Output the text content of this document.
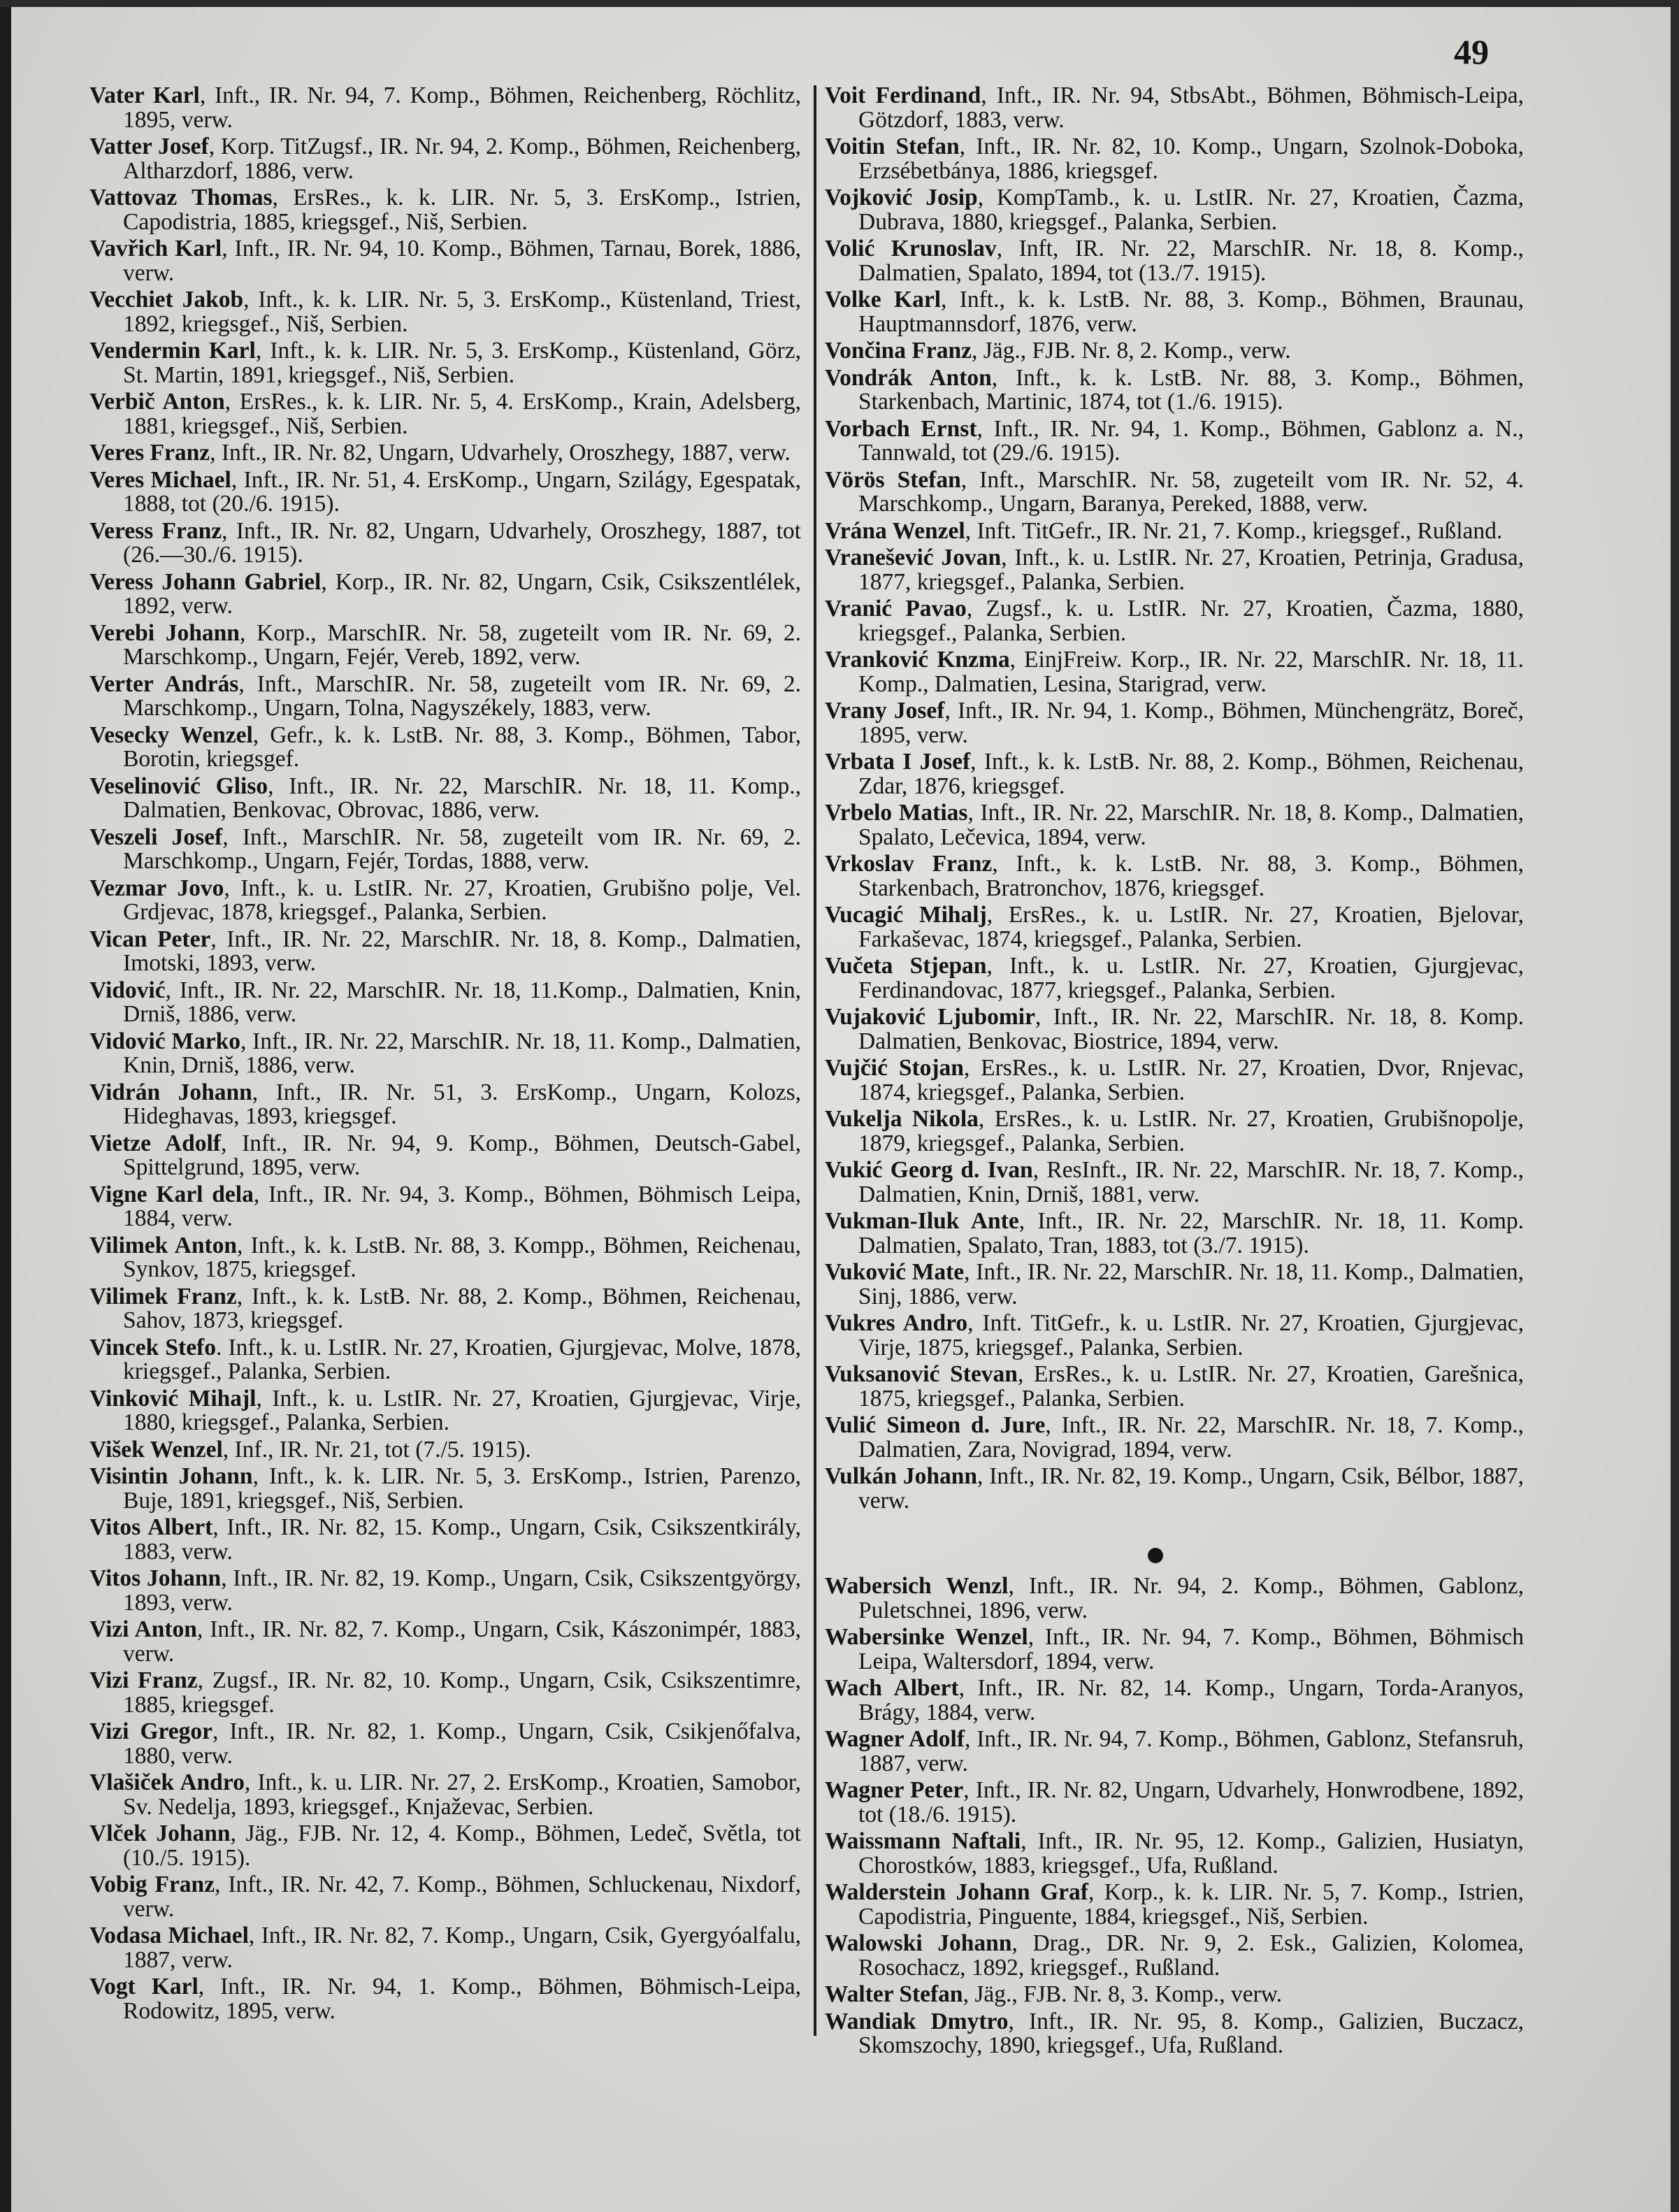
49

Vater Karl, Inft., IR. Nr. 94, 7. Komp., Böhmen, Reichenberg, Röchlitz, 1895, verw.

Vatter Josef, Korp. TitZugsf., IR. Nr. 94, 2. Komp., Böhmen, Reichenberg, Altharzdorf, 1886, verw.

Vattovaz Thomas, ErsRes., k. k. LIR. Nr. 5, 3. ErsKomp., Istrien, Capodistria, 1885, kriegsgef., Niš, Serbien.

Vavřich Karl, Inft., IR. Nr. 94, 10. Komp., Böhmen, Tarnau, Borek, 1886, verw.

Vecchiet Jakob, Inft., k. k. LIR. Nr. 5, 3. ErsKomp., Küstenland, Triest, 1892, kriegsgef., Niš, Serbien.

Vendermin Karl, Inft., k. k. LIR. Nr. 5, 3. ErsKomp., Küstenland, Görz, St. Martin, 1891, kriegsgef., Niš, Serbien.

Verbič Anton, ErsRes., k. k. LIR. Nr. 5, 4. ErsKomp., Krain, Adelsberg, 1881, kriegsgef., Niš, Serbien.

Veres Franz, Inft., IR. Nr. 82, Ungarn, Udvarhely, Oroszhegy, 1887, verw.

Veres Michael, Inft., IR. Nr. 51, 4. ErsKomp., Ungarn, Szilágy, Egespatak, 1888, tot (20./6. 1915).

Veress Franz, Inft., IR. Nr. 82, Ungarn, Udvarhely, Oroszhegy, 1887, tot (26.—30./6. 1915).

Veress Johann Gabriel, Korp., IR. Nr. 82, Ungarn, Csik, Csikszentlélek, 1892, verw.

Verebi Johann, Korp., MarschIR. Nr. 58, zugeteilt vom IR. Nr. 69, 2. Marschkomp., Ungarn, Fejér, Vereb, 1892, verw.

Verter András, Inft., MarschIR. Nr. 58, zugeteilt vom IR. Nr. 69, 2. Marschkomp., Ungarn, Tolna, Nagyszékely, 1883, verw.

Vesecky Wenzel, Gefr., k. k. LstB. Nr. 88, 3. Komp., Böhmen, Tabor, Borotin, kriegsgef.

Veselinović Gliso, Inft., IR. Nr. 22, MarschIR. Nr. 18, 11. Komp., Dalmatien, Benkovac, Obrovac, 1886, verw.

Veszeli Josef, Inft., MarschIR. Nr. 58, zugeteilt vom IR. Nr. 69, 2. Marschkomp., Ungarn, Fejér, Tordas, 1888, verw.

Vezmar Jovo, Inft., k. u. LstIR. Nr. 27, Kroatien, Grubišno polje, Vel. Grdjevac, 1878, kriegsgef., Palanka, Serbien.

Vican Peter, Inft., IR. Nr. 22, MarschIR. Nr. 18, 8. Komp., Dalmatien, Imotski, 1893, verw.

Vidović, Inft., IR. Nr. 22, MarschIR. Nr. 18, 11.Komp., Dalmatien, Knin, Drniš, 1886, verw.

Vidović Marko, Inft., IR. Nr. 22, MarschIR. Nr. 18, 11. Komp., Dalmatien, Knin, Drniš, 1886, verw.

Vidrán Johann, Inft., IR. Nr. 51, 3. ErsKomp., Ungarn, Kolozs, Hideghavas, 1893, kriegsgef.

Vietze Adolf, Inft., IR. Nr. 94, 9. Komp., Böhmen, Deutsch-Gabel, Spittelgrund, 1895, verw.

Vigne Karl dela, Inft., IR. Nr. 94, 3. Komp., Böhmen, Böhmisch Leipa, 1884, verw.

Vilimek Anton, Inft., k. k. LstB. Nr. 88, 3. Kompp., Böhmen, Reichenau, Synkov, 1875, kriegsgef.

Vilimek Franz, Inft., k. k. LstB. Nr. 88, 2. Komp., Böhmen, Reichenau, Sahov, 1873, kriegsgef.

Vincek Stefo. Inft., k. u. LstIR. Nr. 27, Kroatien, Gjurgjevac, Molve, 1878, kriegsgef., Palanka, Serbien.

Vinković Mihajl, Inft., k. u. LstIR. Nr. 27, Kroatien, Gjurgjevac, Virje, 1880, kriegsgef., Palanka, Serbien.

Višek Wenzel, Inf., IR. Nr. 21, tot (7./5. 1915).

Visintin Johann, Inft., k. k. LIR. Nr. 5, 3. ErsKomp., Istrien, Parenzo, Buje, 1891, kriegsgef., Niš, Serbien.

Vitos Albert, Inft., IR. Nr. 82, 15. Komp., Ungarn, Csik, Csikszentkirály, 1883, verw.

Vitos Johann, Inft., IR. Nr. 82, 19. Komp., Ungarn, Csik, Csikszentgyörgy, 1893, verw.

Vizi Anton, Inft., IR. Nr. 82, 7. Komp., Ungarn, Csik, Kászonimpér, 1883, verw.

Vizi Franz, Zugsf., IR. Nr. 82, 10. Komp., Ungarn, Csik, Csikszentimre, 1885, kriegsgef.

Vizi Gregor, Inft., IR. Nr. 82, 1. Komp., Ungarn, Csik, Csikjenőfalva, 1880, verw.

Vlašiček Andro, Inft., k. u. LIR. Nr. 27, 2. ErsKomp., Kroatien, Samobor, Sv. Nedelja, 1893, kriegsgef., Knjaževac, Serbien.

Vlček Johann, Jäg., FJB. Nr. 12, 4. Komp., Böhmen, Ledeč, Světla, tot (10./5. 1915).

Vobig Franz, Inft., IR. Nr. 42, 7. Komp., Böhmen, Schluckenau, Nixdorf, verw.

Vodasa Michael, Inft., IR. Nr. 82, 7. Komp., Ungarn, Csik, Gyergyóalfalu, 1887, verw.

Vogt Karl, Inft., IR. Nr. 94, 1. Komp., Böhmen, Böhmisch-Leipa, Rodowitz, 1895, verw.

Voit Ferdinand, Inft., IR. Nr. 94, StbsAbt., Böhmen, Böhmisch-Leipa, Götzdorf, 1883, verw.

Voitin Stefan, Inft., IR. Nr. 82, 10. Komp., Ungarn, Szolnok-Doboka, Erzsébetbánya, 1886, kriegsgef.

Vojković Josip, KompTamb., k. u. LstIR. Nr. 27, Kroatien, Čazma, Dubrava, 1880, kriegsgef., Palanka, Serbien.

Volić Krunoslav, Inft, IR. Nr. 22, MarschIR. Nr. 18, 8. Komp., Dalmatien, Spalato, 1894, tot (13./7. 1915).

Volke Karl, Inft., k. k. LstB. Nr. 88, 3. Komp., Böhmen, Braunau, Hauptmannsdorf, 1876, verw.

Vončina Franz, Jäg., FJB. Nr. 8, 2. Komp., verw.

Vondrák Anton, Inft., k. k. LstB. Nr. 88, 3. Komp., Böhmen, Starkenbach, Martinic, 1874, tot (1./6. 1915).

Vorbach Ernst, Inft., IR. Nr. 94, 1. Komp., Böhmen, Gablonz a. N., Tannwald, tot (29./6. 1915).

Vörös Stefan, Inft., MarschIR. Nr. 58, zugeteilt vom IR. Nr. 52, 4. Marschkomp., Ungarn, Baranya, Pereked, 1888, verw.

Vrána Wenzel, Inft. TitGefr., IR. Nr. 21, 7. Komp., kriegsgef., Rußland.

Vranešević Jovan, Inft., k. u. LstIR. Nr. 27, Kroatien, Petrinja, Gradusa, 1877, kriegsgef., Palanka, Serbien.

Vranić Pavao, Zugsf., k. u. LstIR. Nr. 27, Kroatien, Čazma, 1880, kriegsgef., Palanka, Serbien.

Vranković Knzma, EinjFreiw. Korp., IR. Nr. 22, MarschIR. Nr. 18, 11. Komp., Dalmatien, Lesina, Starigrad, verw.

Vrany Josef, Inft., IR. Nr. 94, 1. Komp., Böhmen, Münchengrätz, Boreč, 1895, verw.

Vrbata I Josef, Inft., k. k. LstB. Nr. 88, 2. Komp., Böhmen, Reichenau, Zdar, 1876, kriegsgef.

Vrbelo Matias, Inft., IR. Nr. 22, MarschIR. Nr. 18, 8. Komp., Dalmatien, Spalato, Lečevica, 1894, verw.

Vrkoslav Franz, Inft., k. k. LstB. Nr. 88, 3. Komp., Böhmen, Starkenbach, Bratronchov, 1876, kriegsgef.

Vucagić Mihalj, ErsRes., k. u. LstIR. Nr. 27, Kroatien, Bjelovar, Farkaševac, 1874, kriegsgef., Palanka, Serbien.

Vučeta Stjepan, Inft., k. u. LstIR. Nr. 27, Kroatien, Gjurgjevac, Ferdinandovac, 1877, kriegsgef., Palanka, Serbien.

Vujaković Ljubomir, Inft., IR. Nr. 22, MarschIR. Nr. 18, 8. Komp. Dalmatien, Benkovac, Biostrice, 1894, verw.

Vujčić Stojan, ErsRes., k. u. LstIR. Nr. 27, Kroatien, Dvor, Rnjevac, 1874, kriegsgef., Palanka, Serbien.

Vukelja Nikola, ErsRes., k. u. LstIR. Nr. 27, Kroatien, Grubišnopolje, 1879, kriegsgef., Palanka, Serbien.

Vukić Georg d. Ivan, ResInft., IR. Nr. 22, MarschIR. Nr. 18, 7. Komp., Dalmatien, Knin, Drniš, 1881, verw.

Vukman-Iluk Ante, Inft., IR. Nr. 22, MarschIR. Nr. 18, 11. Komp. Dalmatien, Spalato, Tran, 1883, tot (3./7. 1915).

Vuković Mate, Inft., IR. Nr. 22, MarschIR. Nr. 18, 11. Komp., Dalmatien, Sinj, 1886, verw.

Vukres Andro, Inft. TitGefr., k. u. LstIR. Nr. 27, Kroatien, Gjurgjevac, Virje, 1875, kriegsgef., Palanka, Serbien.

Vuksanović Stevan, ErsRes., k. u. LstIR. Nr. 27, Kroatien, Garešnica, 1875, kriegsgef., Palanka, Serbien.

Vulić Simeon d. Jure, Inft., IR. Nr. 22, MarschIR. Nr. 18, 7. Komp., Dalmatien, Zara, Novigrad, 1894, verw.

Vulkán Johann, Inft., IR. Nr. 82, 19. Komp., Ungarn, Csik, Bélbor, 1887, verw.

Wabersich Wenzl, Inft., IR. Nr. 94, 2. Komp., Böhmen, Gablonz, Puletschnei, 1896, verw.

Wabersinke Wenzel, Inft., IR. Nr. 94, 7. Komp., Böhmen, Böhmisch Leipa, Waltersdorf, 1894, verw.

Wach Albert, Inft., IR. Nr. 82, 14. Komp., Ungarn, Torda-Aranyos, Brágy, 1884, verw.

Wagner Adolf, Inft., IR. Nr. 94, 7. Komp., Böhmen, Gablonz, Stefansruh, 1887, verw.

Wagner Peter, Inft., IR. Nr. 82, Ungarn, Udvarhely, Honwrodbene, 1892, tot (18./6. 1915).

Waissmann Naftali, Inft., IR. Nr. 95, 12. Komp., Galizien, Husiatyn, Chorostków, 1883, kriegsgef., Ufa, Rußland.

Walderstein Johann Graf, Korp., k. k. LIR. Nr. 5, 7. Komp., Istrien, Capodistria, Pinguente, 1884, kriegsgef., Niš, Serbien.

Walowski Johann, Drag., DR. Nr. 9, 2. Esk., Galizien, Kolomea, Rosochacz, 1892, kriegsgef., Rußland.

Walter Stefan, Jäg., FJB. Nr. 8, 3. Komp., verw.

Wandiak Dmytro, Inft., IR. Nr. 95, 8. Komp., Galizien, Buczacz, Skomszochy, 1890, kriegsgef., Ufa, Rußland.
